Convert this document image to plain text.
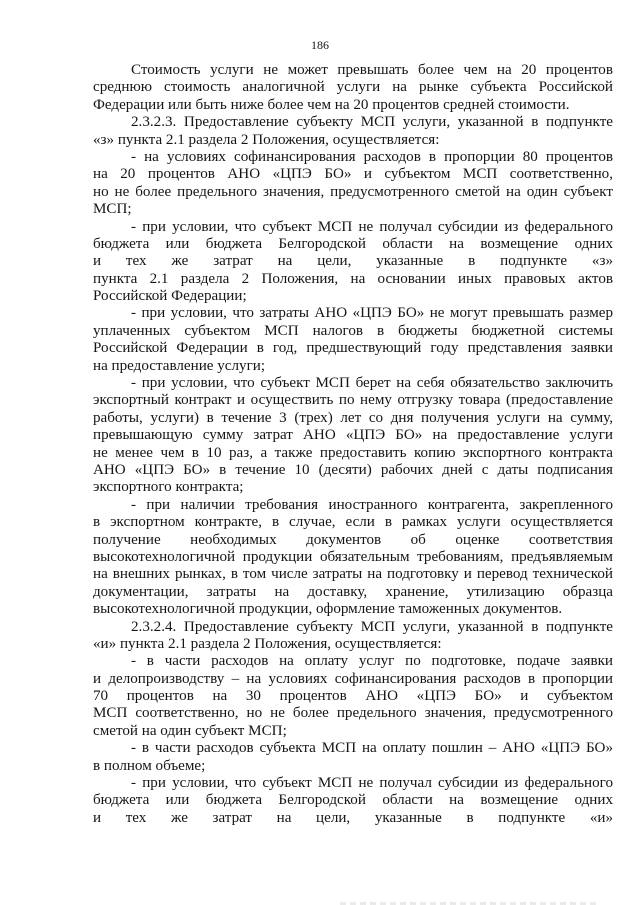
186
Стоимость услуги не может превышать более чем на 20 процентов
среднюю стоимость аналогичной услуги на рынке субъекта Российской
Федерации или быть ниже более чем на 20 процентов средней стоимости.
2.3.2.3. Предоставление субъекту МСП услуги, указанной в подпункте
«з» пункта 2.1 раздела 2 Положения, осуществляется:
- на условиях софинансирования расходов в пропорции 80 процентов
на 20 процентов АНО «ЦПЭ БО» и субъектом МСП соответственно,
но не более предельного значения, предусмотренного сметой на один субъект
МСП;
- при условии, что субъект МСП не получал субсидии из федерального
бюджета или бюджета Белгородской области на возмещение одних
и тех же затрат на цели, указанные в подпункте «з»
пункта 2.1 раздела 2 Положения, на основании иных правовых актов
Российской Федерации;
- при условии, что затраты АНО «ЦПЭ БО» не могут превышать размер
уплаченных субъектом МСП налогов в бюджеты бюджетной системы
Российской Федерации в год, предшествующий году представления заявки
на предоставление услуги;
- при условии, что субъект МСП берет на себя обязательство заключить
экспортный контракт и осуществить по нему отгрузку товара (предоставление
работы, услуги) в течение 3 (трех) лет со дня получения услуги на сумму,
превышающую сумму затрат АНО «ЦПЭ БО» на предоставление услуги
не менее чем в 10 раз, а также предоставить копию экспортного контракта
АНО «ЦПЭ БО» в течение 10 (десяти) рабочих дней с даты подписания
экспортного контракта;
- при наличии требования иностранного контрагента, закрепленного
в экспортном контракте, в случае, если в рамках услуги осуществляется
получение необходимых документов об оценке соответствия
высокотехнологичной продукции обязательным требованиям, предъявляемым
на внешних рынках, в том числе затраты на подготовку и перевод технической
документации, затраты на доставку, хранение, утилизацию образца
высокотехнологичной продукции, оформление таможенных документов.
2.3.2.4. Предоставление субъекту МСП услуги, указанной в подпункте
«и» пункта 2.1 раздела 2 Положения, осуществляется:
- в части расходов на оплату услуг по подготовке, подаче заявки
и делопроизводству – на условиях софинансирования расходов в пропорции
70 процентов на 30 процентов АНО «ЦПЭ БО» и субъектом
МСП соответственно, но не более предельного значения, предусмотренного
сметой на один субъект МСП;
- в части расходов субъекта МСП на оплату пошлин – АНО «ЦПЭ БО»
в полном объеме;
- при условии, что субъект МСП не получал субсидии из федерального
бюджета или бюджета Белгородской области на возмещение одних
и тех же затрат на цели, указанные в подпункте «и»
